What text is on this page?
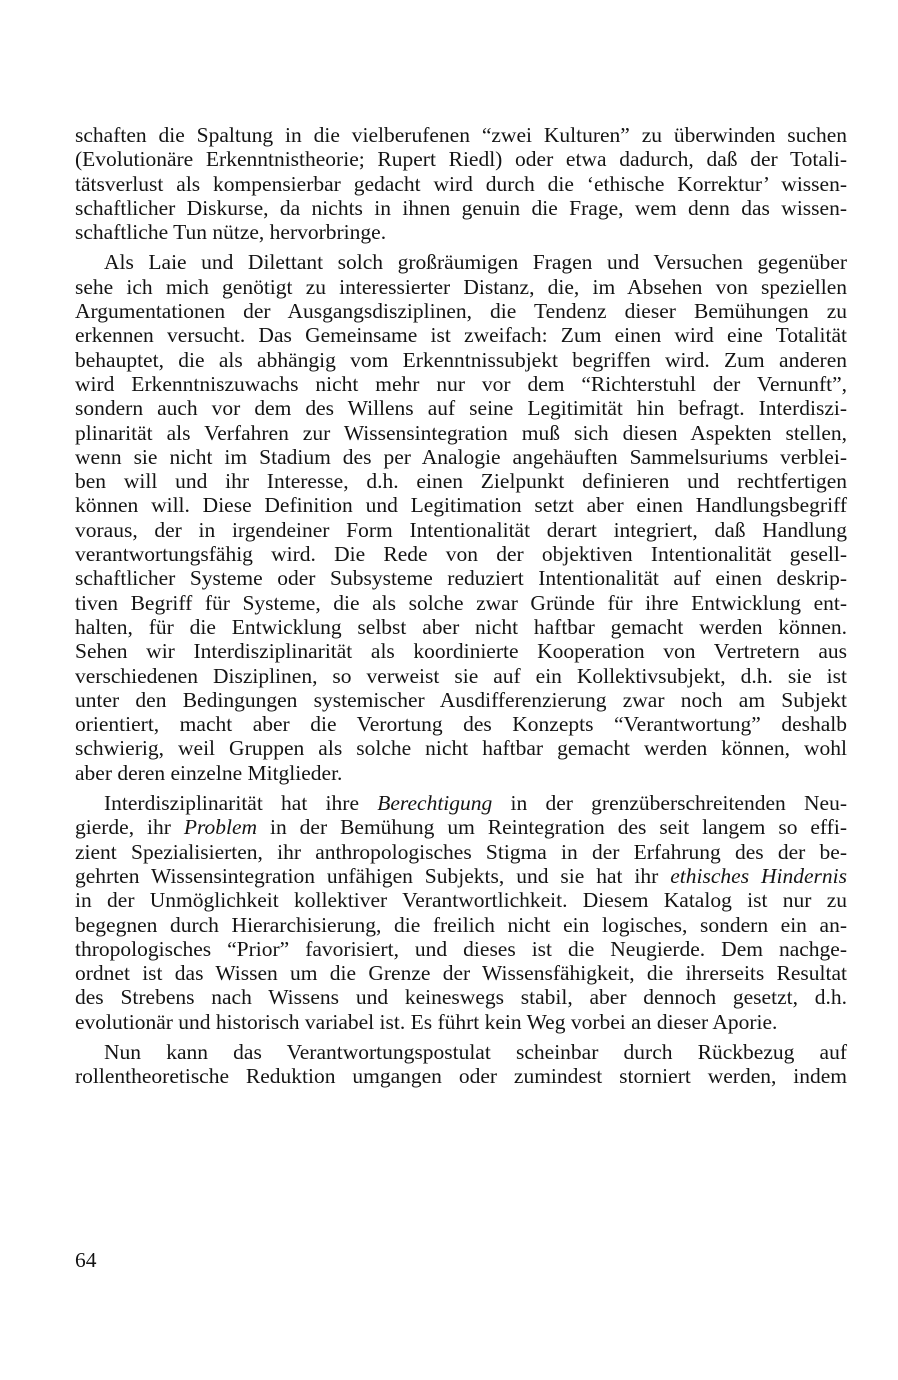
schaften die Spaltung in die vielberufenen “zwei Kulturen” zu überwinden suchen
(Evolutionäre Erkenntnistheorie; Rupert Riedl) oder etwa dadurch, daß der Totali-
tätsverlust als kompensierbar gedacht wird durch die ‘ethische Korrektur’ wissen-
schaftlicher Diskurse, da nichts in ihnen genuin die Frage, wem denn das wissen-
schaftliche Tun nütze, hervorbringe.
Als Laie und Dilettant solch großräumigen Fragen und Versuchen gegenüber
sehe ich mich genötigt zu interessierter Distanz, die, im Absehen von speziellen
Argumentationen der Ausgangsdisziplinen, die Tendenz dieser Bemühungen zu
erkennen versucht. Das Gemeinsame ist zweifach: Zum einen wird eine Totalität
behauptet, die als abhängig vom Erkenntnissubjekt begriffen wird. Zum anderen
wird Erkenntniszuwachs nicht mehr nur vor dem “Richterstuhl der Vernunft”,
sondern auch vor dem des Willens auf seine Legitimität hin befragt. Interdiszi-
plinarität als Verfahren zur Wissensintegration muß sich diesen Aspekten stellen,
wenn sie nicht im Stadium des per Analogie angehäuften Sammelsuriums verblei-
ben will und ihr Interesse, d.h. einen Zielpunkt definieren und rechtfertigen
können will. Diese Definition und Legitimation setzt aber einen Handlungsbegriff
voraus, der in irgendeiner Form Intentionalität derart integriert, daß Handlung
verantwortungsfähig wird. Die Rede von der objektiven Intentionalität gesell-
schaftlicher Systeme oder Subsysteme reduziert Intentionalität auf einen deskrip-
tiven Begriff für Systeme, die als solche zwar Gründe für ihre Entwicklung ent-
halten, für die Entwicklung selbst aber nicht haftbar gemacht werden können.
Sehen wir Interdisziplinarität als koordinierte Kooperation von Vertretern aus
verschiedenen Disziplinen, so verweist sie auf ein Kollektivsubjekt, d.h. sie ist
unter den Bedingungen systemischer Ausdifferenzierung zwar noch am Subjekt
orientiert, macht aber die Verortung des Konzepts “Verantwortung” deshalb
schwierig, weil Gruppen als solche nicht haftbar gemacht werden können, wohl
aber deren einzelne Mitglieder.
Interdisziplinarität hat ihre Berechtigung in der grenzüberschreitenden Neu-
gierde, ihr Problem in der Bemühung um Reintegration des seit langem so effi-
zient Spezialisierten, ihr anthropologisches Stigma in der Erfahrung des der be-
gehrten Wissensintegration unfähigen Subjekts, und sie hat ihr ethisches Hindernis
in der Unmöglichkeit kollektiver Verantwortlichkeit. Diesem Katalog ist nur zu
begegnen durch Hierarchisierung, die freilich nicht ein logisches, sondern ein an-
thropologisches “Prior” favorisiert, und dieses ist die Neugierde. Dem nachge-
ordnet ist das Wissen um die Grenze der Wissensfähigkeit, die ihrerseits Resultat
des Strebens nach Wissens und keineswegs stabil, aber dennoch gesetzt, d.h.
evolutionär und historisch variabel ist. Es führt kein Weg vorbei an dieser Aporie.
Nun kann das Verantwortungspostulat scheinbar durch Rückbezug auf
rollentheoretische Reduktion umgangen oder zumindest storniert werden, indem
64
